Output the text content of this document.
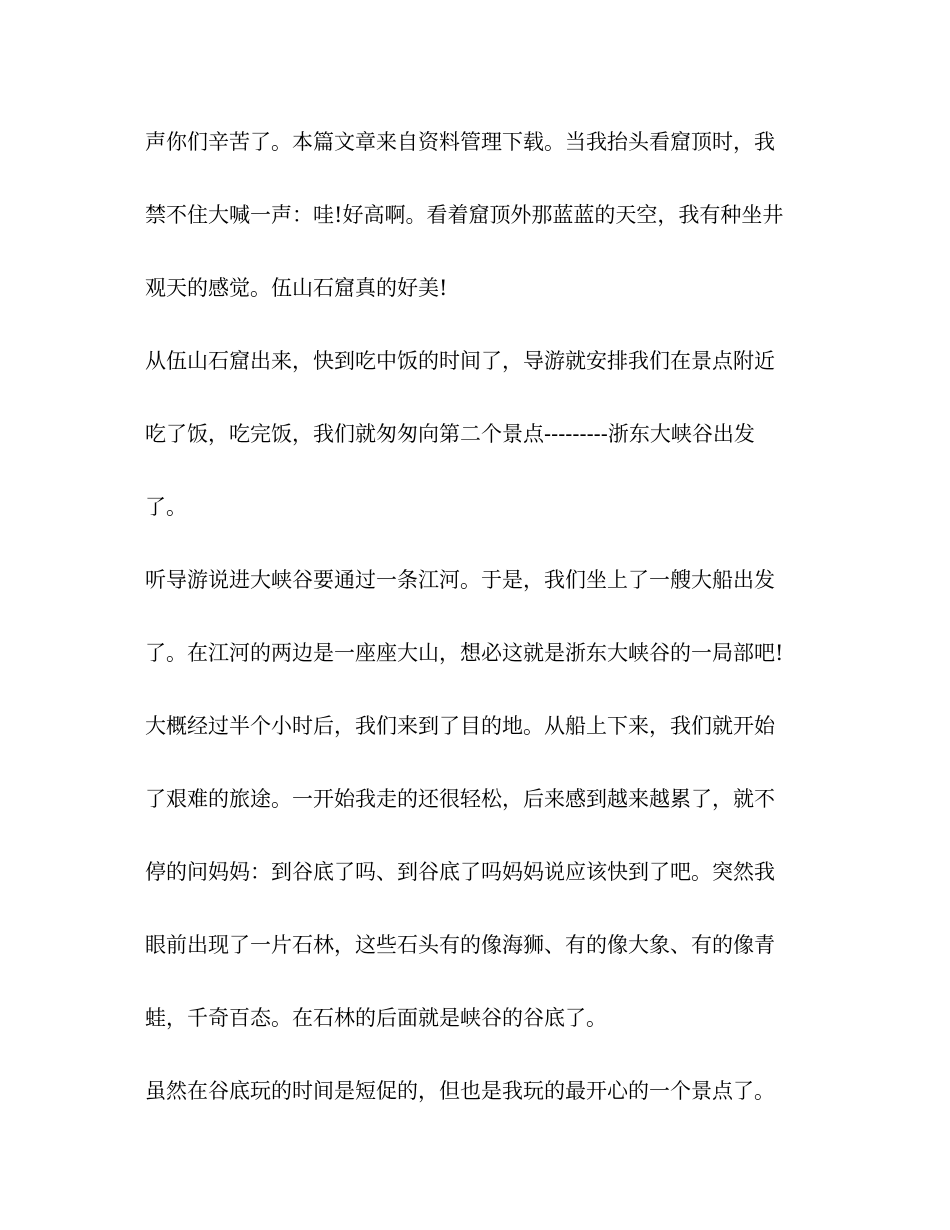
声你们辛苦了。本篇文章来自资料管理下载。当我抬头看窟顶时，我
禁不住大喊一声：哇!好高啊。看着窟顶外那蓝蓝的天空，我有种坐井
观天的感觉。伍山石窟真的好美!
从伍山石窟出来，快到吃中饭的时间了，导游就安排我们在景点附近
吃了饭，吃完饭，我们就匆匆向第二个景点---------浙东大峡谷出发
了。
听导游说进大峡谷要通过一条江河。于是，我们坐上了一艘大船出发
了。在江河的两边是一座座大山，想必这就是浙东大峡谷的一局部吧!
大概经过半个小时后，我们来到了目的地。从船上下来，我们就开始
了艰难的旅途。一开始我走的还很轻松，后来感到越来越累了，就不
停的问妈妈：到谷底了吗、到谷底了吗妈妈说应该快到了吧。突然我
眼前出现了一片石林，这些石头有的像海狮、有的像大象、有的像青
蛙，千奇百态。在石林的后面就是峡谷的谷底了。
虽然在谷底玩的时间是短促的，但也是我玩的最开心的一个景点了。
